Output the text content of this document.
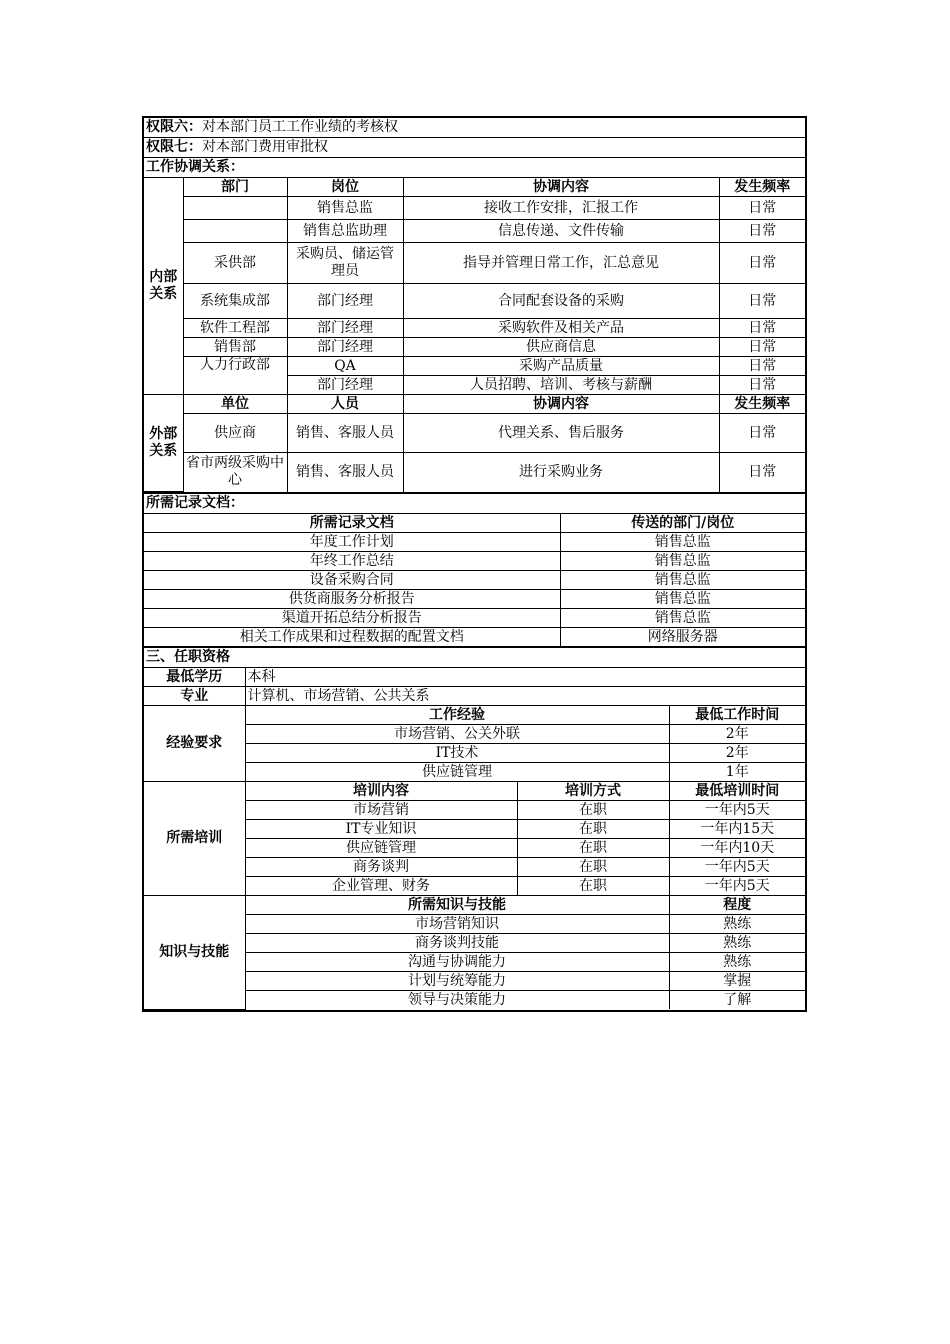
权限六：对本部门员工工作业绩的考核权
权限七：对本部门费用审批权
工作协调关系：
内部
关系	部门	岗位	协调内容	发生频率
		销售总监	接收工作安排，汇报工作	日常
		销售总监助理	信息传递、文件传输	日常
	采供部	采购员、储运管理员	指导并管理日常工作，汇总意见	日常
	系统集成部	部门经理	合同配套设备的采购	日常
	软件工程部	部门经理	采购软件及相关产品	日常
	销售部	部门经理	供应商信息	日常
	人力行政部	QA	采购产品质量	日常
		部门经理	人员招聘、培训、考核与薪酬	日常
外部
关系	单位	人员	协调内容	发生频率
	供应商	销售、客服人员	代理关系、售后服务	日常
	省市两级采购中心	销售、客服人员	进行采购业务	日常
所需记录文档：
所需记录文档	传送的部门/岗位
年度工作计划	销售总监
年终工作总结	销售总监
设备采购合同	销售总监
供货商服务分析报告	销售总监
渠道开拓总结分析报告	销售总监
相关工作成果和过程数据的配置文档	网络服务器
三、任职资格
最低学历	本科		
专业	计算机、市场营销、公共关系		
经验要求	工作经验		最低工作时间
	市场营销、公关外联		2年
	IT技术		2年
	供应链管理		1年
所需培训	培训内容	培训方式	最低培训时间
	市场营销	在职	一年内5天
	IT专业知识	在职	一年内15天
	供应链管理	在职	一年内10天
	商务谈判	在职	一年内5天
	企业管理、财务	在职	一年内5天
知识与技能	所需知识与技能		程度
	市场营销知识		熟练
	商务谈判技能		熟练
	沟通与协调能力		熟练
	计划与统筹能力		掌握
	领导与决策能力		了解
